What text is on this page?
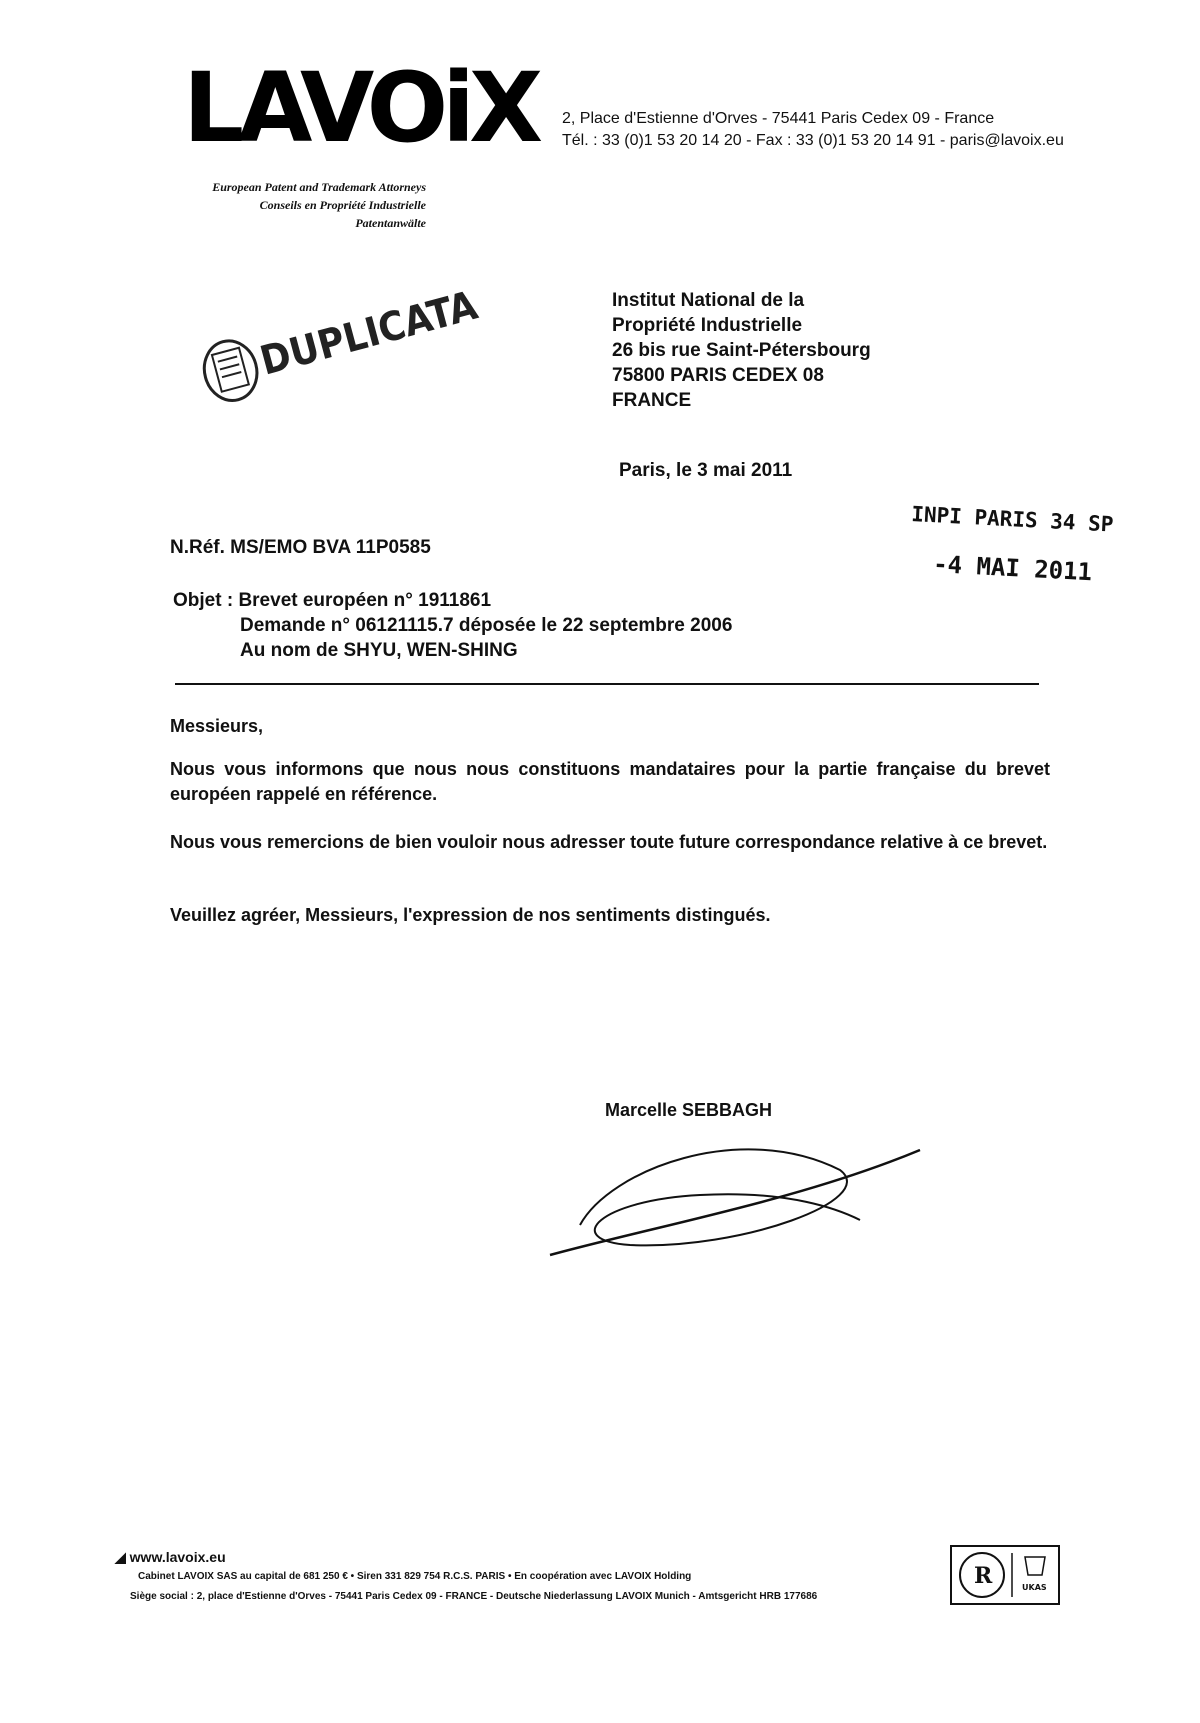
LAVOiX
European Patent and Trademark Attorneys
Conseils en Propriété Industrielle
Patentanwälte
2, Place d'Estienne d'Orves - 75441 Paris Cedex 09 - France
Tél. : 33 (0)1 53 20 14 20 - Fax : 33 (0)1 53 20 14 91 - paris@lavoix.eu
DUPLICATA	Institut National de la
Propriété Industrielle
26 bis rue Saint-Pétersbourg
75800 PARIS CEDEX 08
FRANCE
Paris, le 3 mai 2011
INPI PARIS 34 SP
-4 MAI 2011
N.Réf. MS/EMO BVA 11P0585
Objet : Brevet européen n° 1911861
Demande n° 06121115.7 déposée le 22 septembre 2006
Au nom de SHYU, WEN-SHING
Messieurs,
Nous vous informons que nous nous constituons mandataires pour la partie française du brevet européen rappelé en référence.
Nous vous remercions de bien vouloir nous adresser toute future correspondance relative à ce brevet.
Veuillez agréer, Messieurs, l'expression de nos sentiments distingués.
Marcelle SEBBAGH
◢ www.lavoix.eu
Cabinet LAVOIX SAS au capital de 681 250 € • Siren 331 829 754 R.C.S. PARIS • En coopération avec LAVOIX Holding
Siège social : 2, place d'Estienne d'Orves - 75441 Paris Cedex 09 - FRANCE - Deutsche Niederlassung LAVOIX Munich - Amtsgericht HRB 177686
R	UKAS
